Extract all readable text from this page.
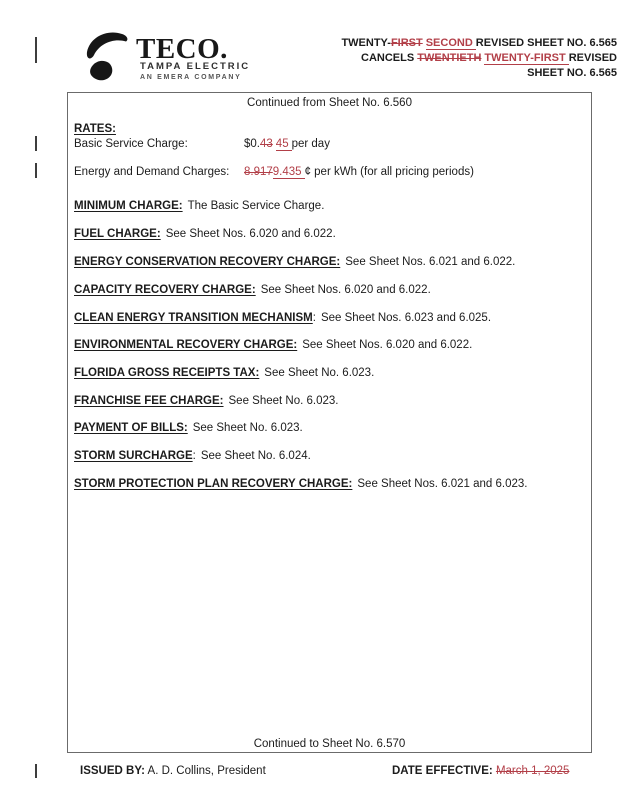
TECO.
TAMPA ELECTRIC
AN EMERA COMPANY
TWENTY-FIRST SECOND REVISED SHEET NO. 6.565
CANCELS TWENTIETH TWENTY-FIRST REVISED
SHEET NO. 6.565
Continued from Sheet No. 6.560
RATES:
Basic Service Charge:	$0.43 45 per day
Energy and Demand Charges: 8.9179.435 ¢ per kWh (for all pricing periods)
MINIMUM CHARGE: The Basic Service Charge.
FUEL CHARGE: See Sheet Nos. 6.020 and 6.022.
ENERGY CONSERVATION RECOVERY CHARGE: See Sheet Nos. 6.021 and 6.022.
CAPACITY RECOVERY CHARGE: See Sheet Nos. 6.020 and 6.022.
CLEAN ENERGY TRANSITION MECHANISM: See Sheet Nos. 6.023 and 6.025.
ENVIRONMENTAL RECOVERY CHARGE: See Sheet Nos. 6.020 and 6.022.
FLORIDA GROSS RECEIPTS TAX: See Sheet No. 6.023.
FRANCHISE FEE CHARGE: See Sheet No. 6.023.
PAYMENT OF BILLS: See Sheet No. 6.023.
STORM SURCHARGE: See Sheet No. 6.024.
STORM PROTECTION PLAN RECOVERY CHARGE: See Sheet Nos. 6.021 and 6.023.
Continued to Sheet No. 6.570
ISSUED BY: A. D. Collins, President	DATE EFFECTIVE: March 1, 2025
